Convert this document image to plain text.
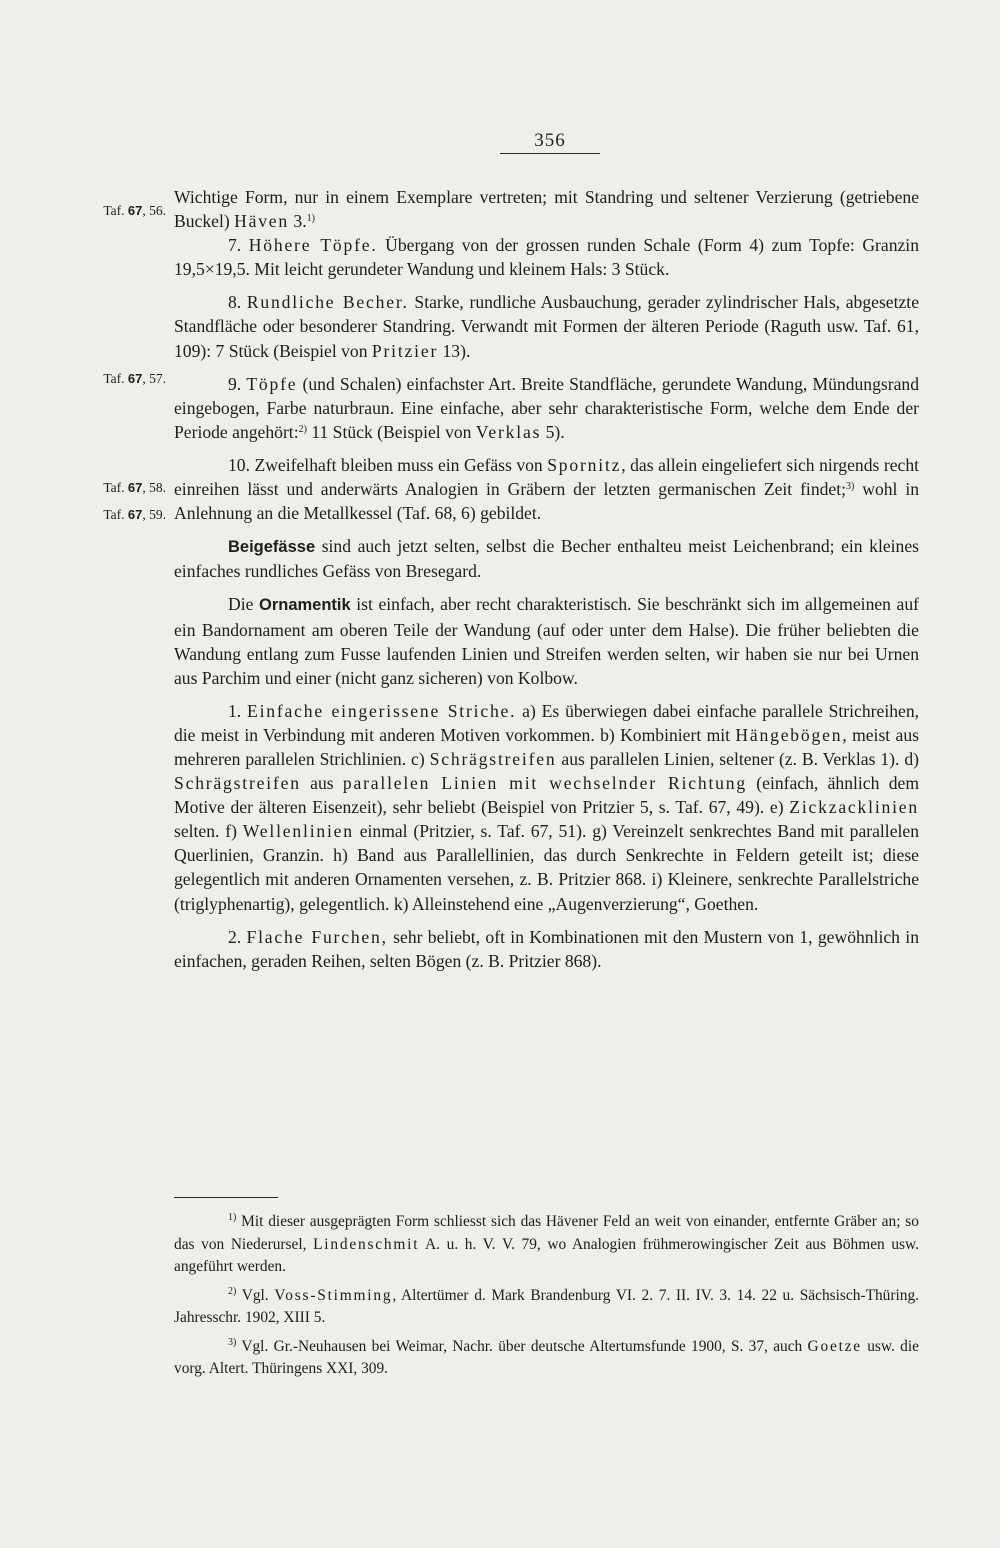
356
Taf. 67, 56.
Taf. 67, 57.
Taf. 67, 58.
Taf. 67, 59.

Wichtige Form, nur in einem Exemplare vertreten; mit Standring und seltener Verzierung (getriebene Buckel) Häven 3.$^{1)}$

7. Höhere Töpfe. Übergang von der grossen runden Schale (Form 4) zum Topfe: Granzin 19,5×19,5. Mit leicht gerundeter Wandung und kleinem Hals: 3 Stück.

8. Rundliche Becher. Starke, rundliche Ausbauchung, gerader zylindrischer Hals, abgesetzte Standfläche oder besonderer Standring. Verwandt mit Formen der älteren Periode (Raguth usw. Taf. 61, 109): 7 Stück (Beispiel von Pritzier 13).

9. Töpfe (und Schalen) einfachster Art. Breite Standfläche, gerundete Wandung, Mündungsrand eingebogen, Farbe naturbraun. Eine einfache, aber sehr charakteristische Form, welche dem Ende der Periode angehört:$^{2)}$ 11 Stück (Beispiel von Verklas 5).

10. Zweifelhaft bleiben muss ein Gefäss von Spornitz, das allein eingeliefert sich nirgends recht einreihen lässt und anderwärts Analogien in Gräbern der letzten germanischen Zeit findet;$^{3)}$ wohl in Anlehnung an die Metallkessel (Taf. 68, 6) gebildet.

Beigefässe sind auch jetzt selten, selbst die Becher enthalteu meist Leichenbrand; ein kleines einfaches rundliches Gefäss von Bresegard.

Die Ornamentik ist einfach, aber recht charakteristisch. Sie beschränkt sich im allgemeinen auf ein Bandornament am oberen Teile der Wandung (auf oder unter dem Halse). Die früher beliebten die Wandung entlang zum Fusse laufenden Linien und Streifen werden selten, wir haben sie nur bei Urnen aus Parchim und einer (nicht ganz sicheren) von Kolbow.

1. Einfache eingerissene Striche. a) Es überwiegen dabei einfache parallele Strichreihen, die meist in Verbindung mit anderen Motiven vorkommen. b) Kombiniert mit Hängebögen, meist aus mehreren parallelen Strichlinien. c) Schrägstreifen aus parallelen Linien, seltener (z. B. Verklas 1). d) Schrägstreifen aus parallelen Linien mit wechselnder Richtung (einfach, ähnlich dem Motive der älteren Eisenzeit), sehr beliebt (Beispiel von Pritzier 5, s. Taf. 67, 49). e) Zickzacklinien selten. f) Wellenlinien einmal (Pritzier, s. Taf. 67, 51). g) Vereinzelt senkrechtes Band mit parallelen Querlinien, Granzin. h) Band aus Parallellinien, das durch Senkrechte in Feldern geteilt ist; diese gelegentlich mit anderen Ornamenten versehen, z. B. Pritzier 868. i) Kleinere, senkrechte Parallelstriche (triglyphenartig), gelegentlich. k) Alleinstehend eine „Augenverzierung“, Goethen.

2. Flache Furchen, sehr beliebt, oft in Kombinationen mit den Mustern von 1, gewöhnlich in einfachen, geraden Reihen, selten Bögen (z. B. Pritzier 868).

$^{1)}$ Mit dieser ausgeprägten Form schliesst sich das Hävener Feld an weit von einander, entfernte Gräber an; so das von Niederursel, Lindenschmit A. u. h. V. V. 79, wo Analogien frühmerowingischer Zeit aus Böhmen usw. angeführt werden.

$^{2)}$ Vgl. Voss-Stimming, Altertümer d. Mark Brandenburg VI. 2. 7. II. IV. 3. 14. 22 u. Sächsisch-Thüring. Jahresschr. 1902, XIII 5.

$^{3)}$ Vgl. Gr.-Neuhausen bei Weimar, Nachr. über deutsche Altertumsfunde 1900, S. 37, auch Goetze usw. die vorg. Altert. Thüringens XXI, 309.
